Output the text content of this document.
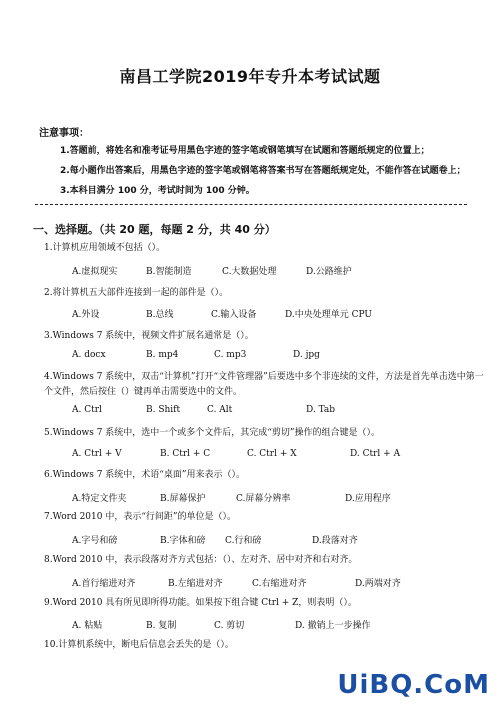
南昌工学院2019年专升本考试试题
注意事项：
1.答题前，将姓名和准考证号用黑色字迹的签字笔或钢笔填写在试题和答题纸规定的位置上；
2.每小题作出答案后，用黑色字迹的签字笔或钢笔将答案书写在答题纸规定处，不能作答在试题卷上；
3.本科目满分 100 分，考试时间为 100 分钟。
一、选择题。（共 20 题，每题 2 分，共 40 分）
1.计算机应用领域不包括（）。
A.虚拟现实	B.智能制造	C.大数据处理	D.公路维护
2.将计算机五大部件连接到一起的部件是（）。
A.外设	B.总线	C.输入设备	D.中央处理单元 CPU
3.Windows 7 系统中，视频文件扩展名通常是（）。
A. docx	B. mp4	C. mp3	D. jpg
4.Windows 7 系统中，双击“计算机”打开“文件管理器”后要选中多个非连续的文件，方法是首先单击选中第一个文件，然后按住（）键再单击需要选中的文件。
A. Ctrl	B. Shift	C. Alt	D. Tab
5.Windows 7 系统中，选中一个或多个文件后，其完成“剪切”操作的组合键是（）。
A. Ctrl + V	B. Ctrl + C	C. Ctrl + X	D. Ctrl + A
6.Windows 7 系统中，术语“桌面”用来表示（）。
A.特定文件夹	B.屏幕保护	C.屏幕分辨率	D.应用程序
7.Word 2010 中，表示“行间距”的单位是（）。
A.字号和磅	B.字体和磅 C.行和磅	D.段落对齐
8.Word 2010 中，表示段落对齐方式包括：（）、左对齐、居中对齐和右对齐。
A.首行缩进对齐	B.左缩进对齐	C.右缩进对齐	D.两端对齐
9.Word 2010 具有所见即所得功能。如果按下组合键 Ctrl + Z，则表明（）。
A. 粘贴	B. 复制	C. 剪切	D. 撤销上一步操作
10.计算机系统中，断电后信息会丢失的是（）。
UiBQ.CoM
